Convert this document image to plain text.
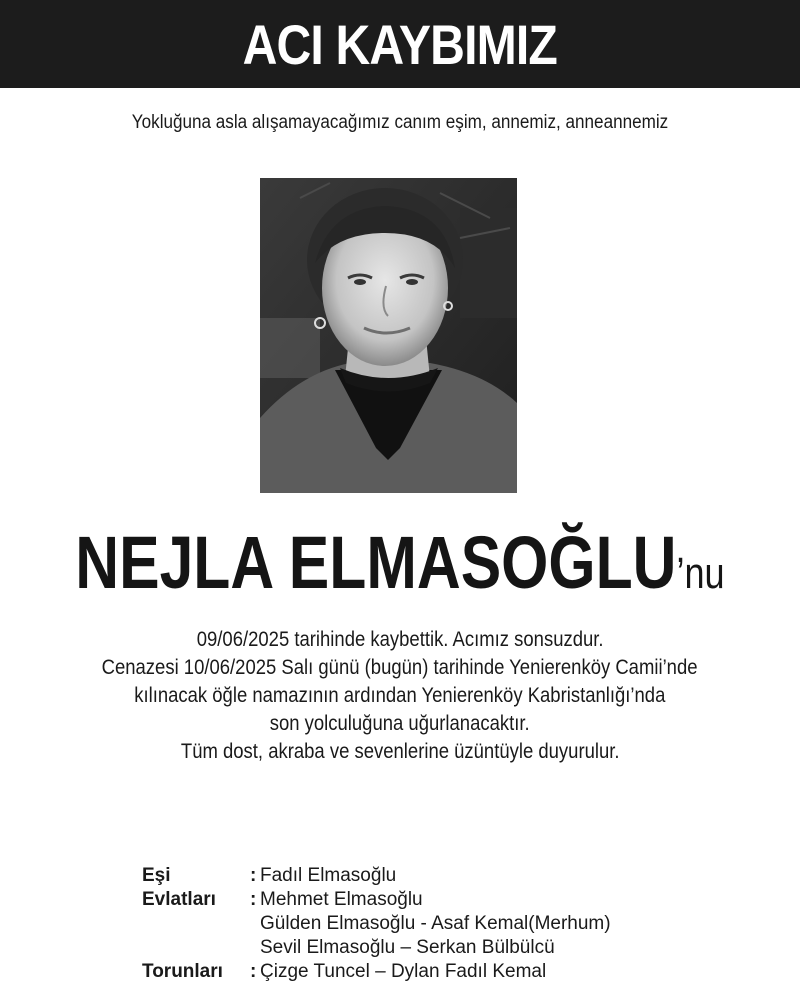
ACI KAYBIMIZ
Yokluğuna asla alışamayacağımız canım eşim, annemiz, anneannemiz
NEJLA ELMASOĞLU’nu
09/06/2025 tarihinde kaybettik. Acımız sonsuzdur.
Cenazesi 10/06/2025 Salı günü (bugün) tarihinde Yenierenköy Camii’nde
kılınacak öğle namazının ardından Yenierenköy Kabristanlığı’nda
son yolculuğuna uğurlanacaktır.
Tüm dost, akraba ve sevenlerine üzüntüyle duyurulur.
Eşi	: Fadıl Elmasoğlu
Evlatları : Mehmet Elmasoğlu
Gülden Elmasoğlu - Asaf Kemal(Merhum)
Sevil Elmasoğlu – Serkan Bülbülcü
Torunları : Çizge Tuncel – Dylan Fadıl Kemal
